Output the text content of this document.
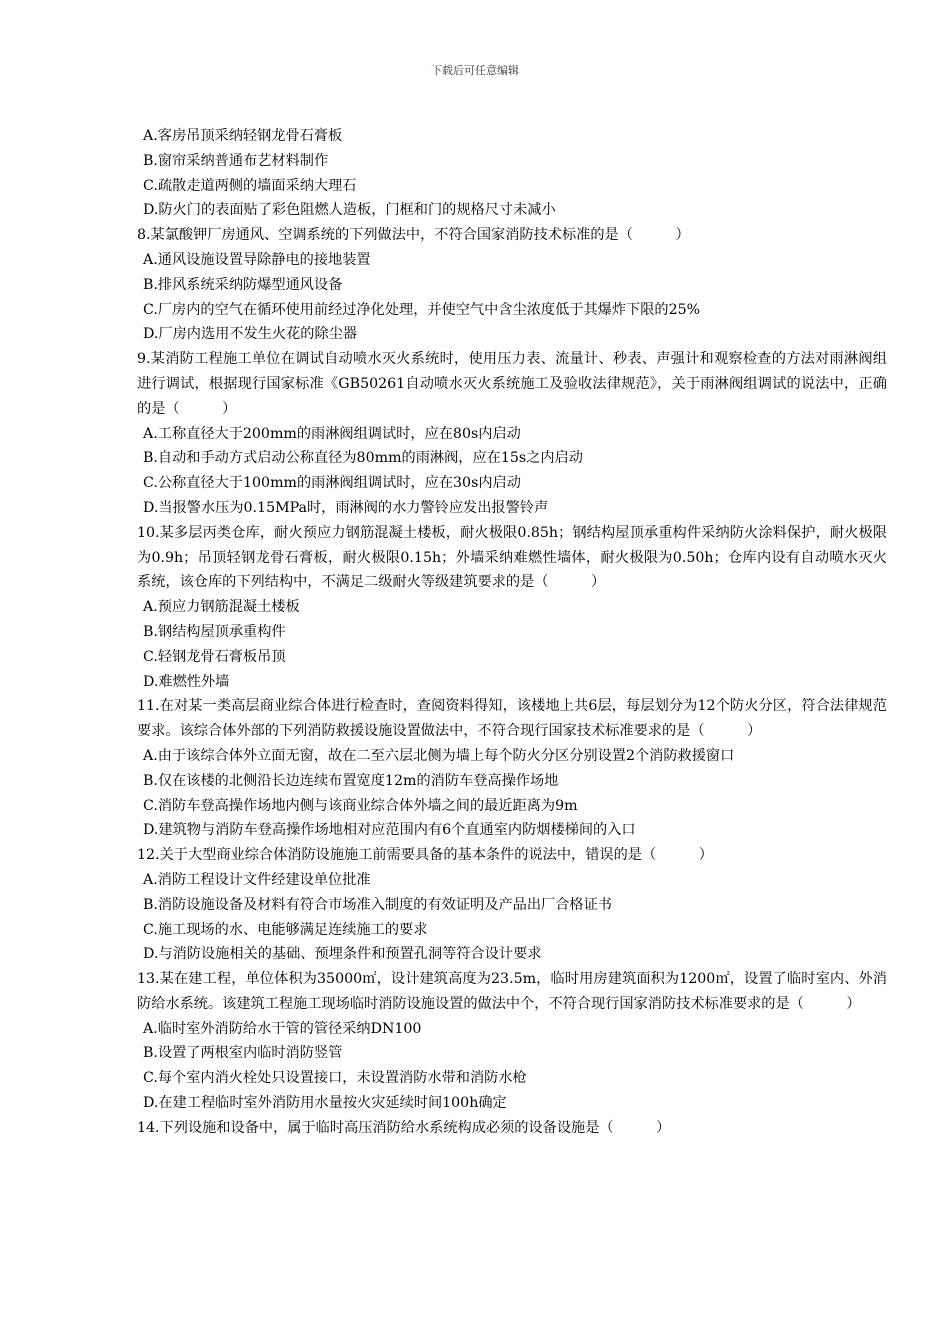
下载后可任意编辑

A.客房吊顶采纳轻钢龙骨石膏板

B.窗帘采纳普通布艺材料制作

C.疏散走道两侧的墙面采纳大理石

D.防火门的表面贴了彩色阻燃人造板，门框和门的规格尺寸未减小

8.某氯酸钾厂房通风、空调系统的下列做法中，不符合国家消防技术标准的是（　　　）

A.通风设施设置导除静电的接地装置

B.排风系统采纳防爆型通风设备

C.厂房内的空气在循环使用前经过净化处理，并使空气中含尘浓度低于其爆炸下限的25%

D.厂房内选用不发生火花的除尘器

9.某消防工程施工单位在调试自动喷水灭火系统时，使用压力表、流量计、秒表、声强计和观察检查的方法对雨淋阀组进行调试，根据现行国家标准《GB50261自动喷水灭火系统施工及验收法律规范》，关于雨淋阀组调试的说法中，正确的是（　　　）

A.工称直径大于200mm的雨淋阀组调试时，应在80s内启动

B.自动和手动方式启动公称直径为80mm的雨淋阀，应在15s之内启动

C.公称直径大于100mm的雨淋阀组调试时，应在30s内启动

D.当报警水压为0.15MPa时，雨淋阀的水力警铃应发出报警铃声

10.某多层丙类仓库，耐火预应力钢筋混凝土楼板，耐火极限0.85h；钢结构屋顶承重构件采纳防火涂料保护，耐火极限为0.9h；吊顶轻钢龙骨石膏板，耐火极限0.15h；外墙采纳难燃性墙体，耐火极限为0.50h；仓库内设有自动喷水灭火系统，该仓库的下列结构中，不满足二级耐火等级建筑要求的是（　　　）

A.预应力钢筋混凝土楼板

B.钢结构屋顶承重构件

C.轻钢龙骨石膏板吊顶

D.难燃性外墙

11.在对某一类高层商业综合体进行检查时，查阅资料得知，该楼地上共6层，每层划分为12个防火分区，符合法律规范要求。该综合体外部的下列消防救援设施设置做法中，不符合现行国家技术标准要求的是（　　　）

A.由于该综合体外立面无窗，故在二至六层北侧为墙上每个防火分区分别设置2个消防救援窗口

B.仅在该楼的北侧沿长边连续布置宽度12m的消防车登高操作场地

C.消防车登高操作场地内侧与该商业综合体外墙之间的最近距离为9m

D.建筑物与消防车登高操作场地相对应范围内有6个直通室内防烟楼梯间的入口

12.关于大型商业综合体消防设施施工前需要具备的基本条件的说法中，错误的是（　　　）

A.消防工程设计文件经建设单位批准

B.消防设施设备及材料有符合市场准入制度的有效证明及产品出厂合格证书

C.施工现场的水、电能够满足连续施工的要求

D.与消防设施相关的基础、预埋条件和预置孔洞等符合设计要求

13.某在建工程，单位体积为35000㎡，设计建筑高度为23.5m，临时用房建筑面积为1200㎡，设置了临时室内、外消防给水系统。该建筑工程施工现场临时消防设施设置的做法中个，不符合现行国家消防技术标准要求的是（　　　）

A.临时室外消防给水干管的管径采纳DN100

B.设置了两根室内临时消防竖管

C.每个室内消火栓处只设置接口，未设置消防水带和消防水枪

D.在建工程临时室外消防用水量按火灾延续时间100h确定

14.下列设施和设备中，属于临时高压消防给水系统构成必须的设备设施是（　　　）
